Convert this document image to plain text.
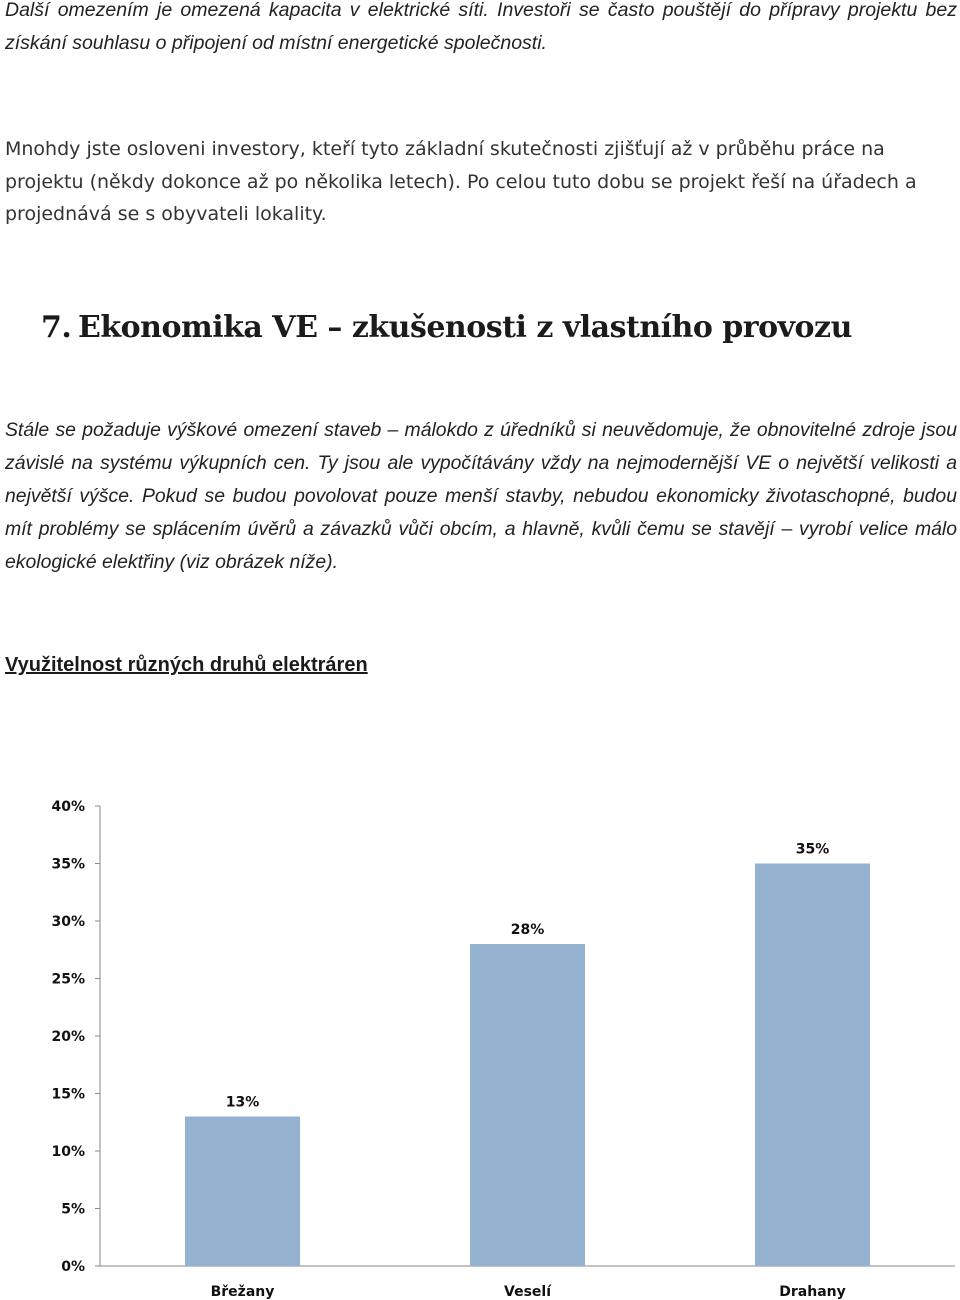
Další omezením je omezená kapacita v elektrické síti. Investoři se často pouštějí do přípravy projektu bez získání souhlasu o připojení od místní energetické společnosti.

Mnohdy jste osloveni investory, kteří tyto základní skutečnosti zjišťují až v průběhu práce na projektu (někdy dokonce až po několika letech). Po celou tuto dobu se projekt řeší na úřadech a projednává se s obyvateli lokality.

7. Ekonomika VE – zkušenosti z vlastního provozu

Stále se požaduje výškové omezení staveb – málokdo z úředníků si neuvědomuje, že obnovitelné zdroje jsou závislé na systému výkupních cen. Ty jsou ale vypočítávány vždy na nejmodernější VE o největší velikosti a největší výšce. Pokud se budou povolovat pouze menší stavby, nebudou ekonomicky životaschopné, budou mít problémy se splácením úvěrů a závazků vůči obcím, a hlavně, kvůli čemu se stavějí – vyrobí velice málo ekologické elektřiny (viz obrázek níže).

Využitelnost různých druhů elektráren
0%
5%
10%
15%
20%
25%
30%
35%
40%
13%
28%
35%
Břežany	Veselí	Drahany
